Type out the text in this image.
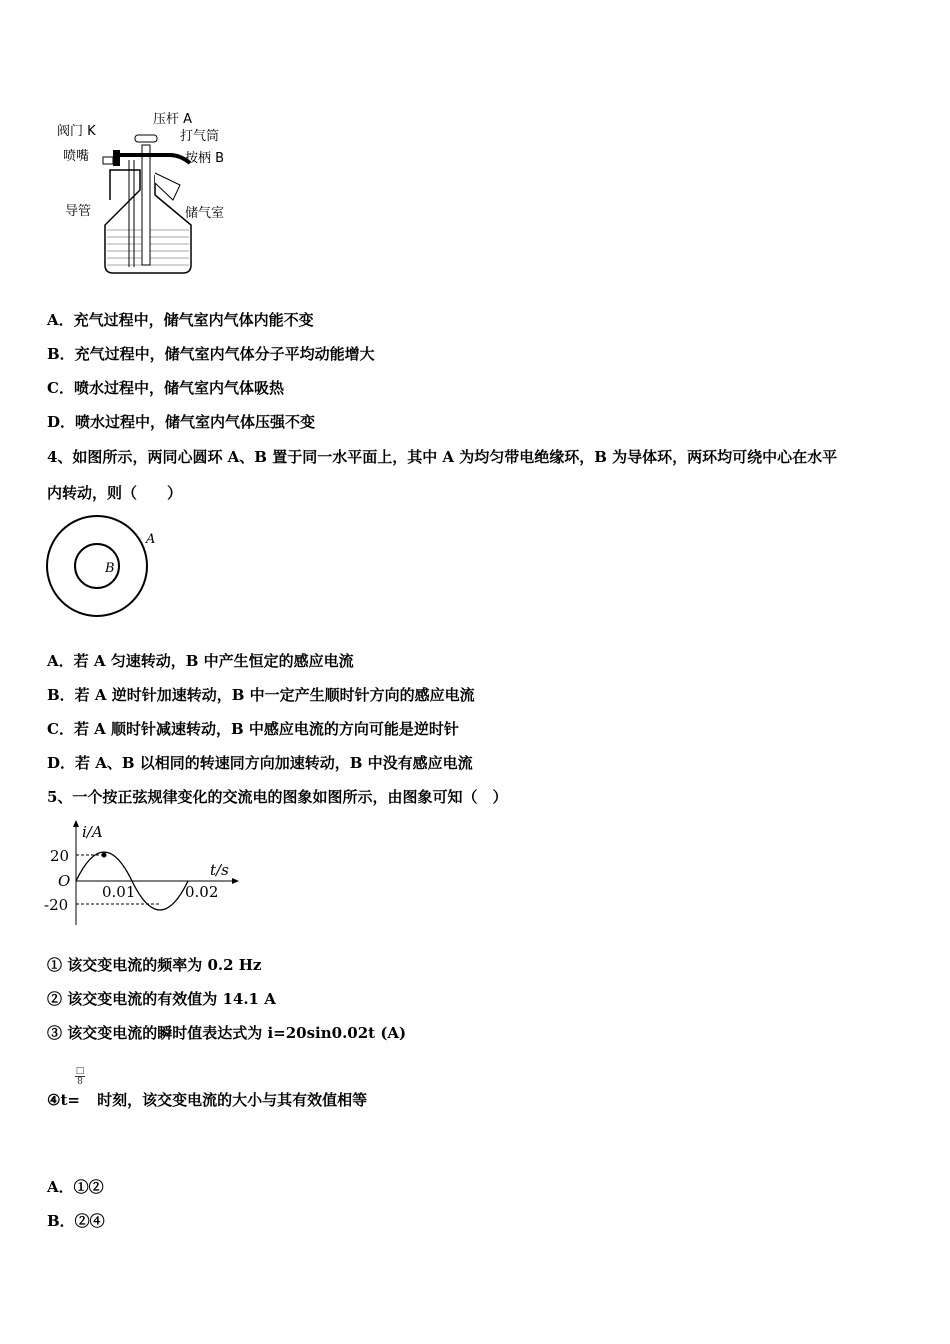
压杆 A
阀门 K	打气筒
喷嘴	按柄 B
导管	储气室
A．充气过程中，储气室内气体内能不变
B．充气过程中，储气室内气体分子平均动能增大
C．喷水过程中，储气室内气体吸热
D．喷水过程中，储气室内气体压强不变
4、如图所示，两同心圆环 A、B 置于同一水平面上，其中 A 为均匀带电绝缘环，B 为导体环，两环均可绕中心在水平
内转动，则（　　）
A
B
A．若 A 匀速转动，B 中产生恒定的感应电流
B．若 A 逆时针加速转动，B 中一定产生顺时针方向的感应电流
C．若 A 顺时针减速转动，B 中感应电流的方向可能是逆时针
D．若 A、B 以相同的转速同方向加速转动，B 中没有感应电流
5、一个按正弦规律变化的交流电的图象如图所示，由图象可知（　）
i/A
t/s
O
20
-20
0.01	0.02
① 该交变电流的频率为 0.2 Hz
② 该交变电流的有效值为 14.1 A
③ 该交变电流的瞬时值表达式为 i=20sin0.02t (A)
□
8
④t= 时刻，该交变电流的大小与其有效值相等
A．①②
B．②④
